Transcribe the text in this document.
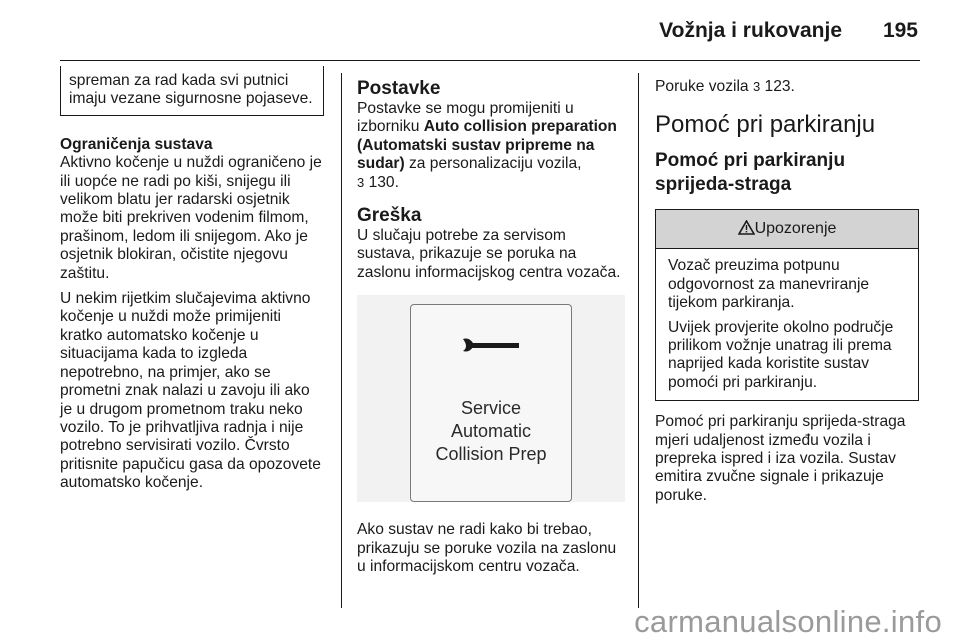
Vožnja i rukovanje 195
spreman za rad kada svi putnici imaju vezane sigurnosne pojaseve.
Ograničenja sustava

Aktivno kočenje u nuždi ograničeno je ili uopće ne radi po kiši, snijegu ili velikom blatu jer radarski osjetnik može biti prekriven vodenim filmom, prašinom, ledom ili snijegom. Ako je osjetnik blokiran, očistite njegovu zaštitu.

U nekim rijetkim slučajevima aktivno kočenje u nuždi može primijeniti kratko automatsko kočenje u situacijama kada to izgleda nepotrebno, na primjer, ako se prometni znak nalazi u zavoju ili ako je u drugom prometnom traku neko vozilo. To je prihvatljiva radnja i nije potrebno servisirati vozilo. Čvrsto pritisnite papučicu gasa da opozovete automatsko kočenje.

Postavke

Postavke se mogu promijeniti u izborniku Auto collision preparation (Automatski sustav pripreme na sudar) za personalizaciju vozila,
3 130.

Greška

U slučaju potrebe za servisom sustava, prikazuje se poruka na zaslonu informacijskog centra vozača.

Service
Automatic
Collision Prep

Ako sustav ne radi kako bi trebao, prikazuju se poruke vozila na zaslonu u informacijskom centru vozača.

Poruke vozila 3 123.

Pomoć pri parkiranju
Pomoć pri parkiranju sprijeda-straga
Upozorenje

Vozač preuzima potpunu odgovornost za manevriranje tijekom parkiranja.

Uvijek provjerite okolno područje prilikom vožnje unatrag ili prema naprijed kada koristite sustav pomoći pri parkiranju.

Pomoć pri parkiranju sprijeda-straga mjeri udaljenost između vozila i prepreka ispred i iza vozila. Sustav emitira zvučne signale i prikazuje poruke.

carmanualsonline.info
